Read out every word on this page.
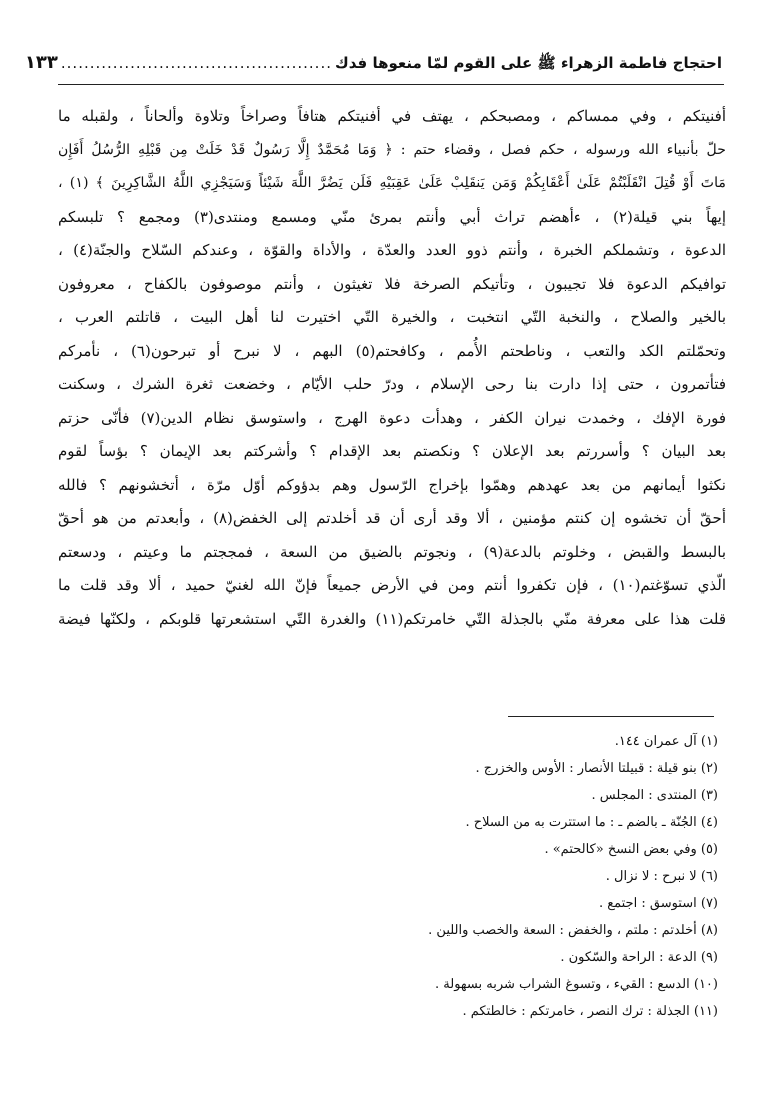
احتجاج فاطمة الزهراء ﷺ على القوم لمّا منعوها فدك
...............................................
١٣٣
أفنيتكم ، وفي ممساكم ، ومصبحكم ، يهتف في أفنيتكم هتافاً وصراخاً وتلاوة وألحاناً ، ولقبله ما
حلّ بأنبياء الله ورسوله ، حكم فصل ، وقضاء حتم : ﴿ وَمَا مُحَمَّدٌ إِلَّا رَسُولٌ قَدْ خَلَتْ مِن قَبْلِهِ الرُّسُلُ أَفَإِن
مَاتَ أَوْ قُتِلَ انْقَلَبْتُمْ عَلَىٰ أَعْقَابِكُمْ وَمَن يَنقَلِبْ عَلَىٰ عَقِبَيْهِ فَلَن يَضُرَّ اللَّهَ شَيْئاً وَسَيَجْزِي اللَّهُ الشَّاكِرِينَ ﴾ (١) ،
إيهاً بني قيلة(٢) ، ءأهضم تراث أبي وأنتم بمرئ منّي ومسمع ومنتدى(٣) ومجمع ؟ تلبسكم
الدعوة ، وتشملكم الخبرة ، وأنتم ذوو العدد والعدّة ، والأداة والقوّة ، وعندكم السّلاح والجنّة(٤) ،
توافيكم الدعوة فلا تجيبون ، وتأتيكم الصرخة فلا تغيثون ، وأنتم موصوفون بالكفاح ، معروفون
بالخير والصلاح ، والنخبة التّي انتخبت ، والخيرة التّي اختيرت لنا أهل البيت ، قاتلتم العرب ،
وتحمّلتم الكد والتعب ، وناطحتم الأُمم ، وكافحتم(٥) البهم ، لا نبرح أو تبرحون(٦) ، نأمركم
فتأتمرون ، حتى إذا دارت بنا رحى الإسلام ، ودرّ حلب الأيّام ، وخضعت ثغرة الشرك ، وسكنت
فورة الإفك ، وخمدت نيران الكفر ، وهدأت دعوة الهرج ، واستوسق نظام الدين(٧) فأنّى حزتم
بعد البيان ؟ وأسررتم بعد الإعلان ؟ ونكصتم بعد الإقدام ؟ وأشركتم بعد الإيمان ؟ بؤساً لقوم
نكثوا أيمانهم من بعد عهدهم وهمّوا بإخراج الرّسول وهم بدؤوكم أوّل مرّة ، أتخشونهم ؟ فالله
أحقّ أن تخشوه إن كنتم مؤمنين ، ألا وقد أرى أن قد أخلدتم إلى الخفض(٨) ، وأبعدتم من هو أحقّ
بالبسط والقبض ، وخلوتم بالدعة(٩) ، ونجوتم بالضيق من السعة ، فمججتم ما وعيتم ، ودسعتم
الّذي تسوّغتم(١٠) ، فإن تكفروا أنتم ومن في الأرض جميعاً فإنّ الله لغنيّ حميد ، ألا وقد قلت ما
قلت هذا على معرفة منّي بالجذلة التّي خامرتكم(١١) والغدرة التّي استشعرتها قلوبكم ، ولكنّها فيضة
(١) آل عمران ١٤٤.
(٢) بنو قيلة : قبيلتا الأنصار : الأوس والخزرج .
(٣) المنتدى : المجلس .
(٤) الجُنّة ـ بالضم ـ : ما استترت به من السلاح .
(٥) وفي بعض النسخ «كالحتم» .
(٦) لا نبرح : لا نزال .
(٧) استوسق : اجتمع .
(٨) أخلدتم : ملتم ، والخفض : السعة والخصب واللين .
(٩) الدعة : الراحة والسّكون .
(١٠) الدسع : القيء ، وتسوغ الشراب شربه بسهولة .
(١١) الجذلة : ترك النصر ، خامرتكم : خالطتكم .
